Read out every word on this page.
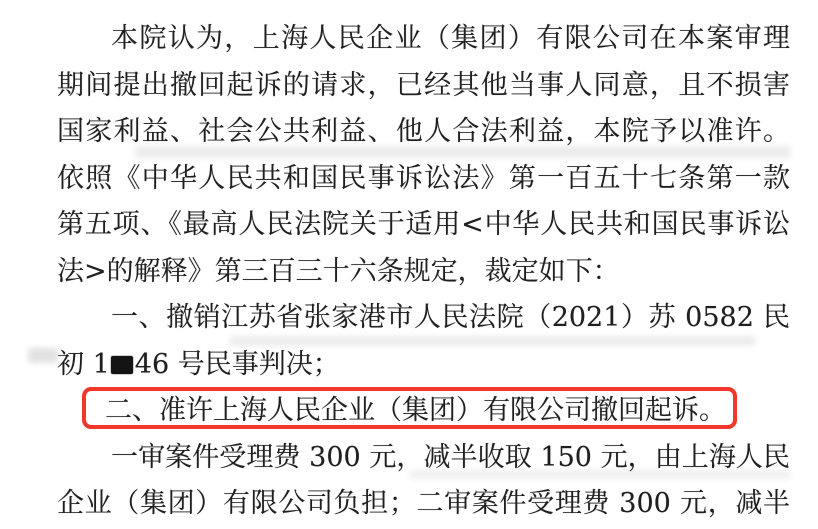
本院认为，上海人民企业（集团）有限公司在本案审理

期间提出撤回起诉的请求，已经其他当事人同意，且不损害

国家利益、社会公共利益、他人合法利益，本院予以准许。

依照《中华人民共和国民事诉讼法》第一百五十七条第一款

第五项、《最高人民法院关于适用<中华人民共和国民事诉讼

法>的解释》第三百三十六条规定，裁定如下：

一、撤销江苏省张家港市人民法院（2021）苏 0582 民

初 1 46 号民事判决；

二、准许上海人民企业（集团）有限公司撤回起诉。

一审案件受理费 300 元，减半收取 150 元，由上海人民

企业（集团）有限公司负担；二审案件受理费 300 元，减半
